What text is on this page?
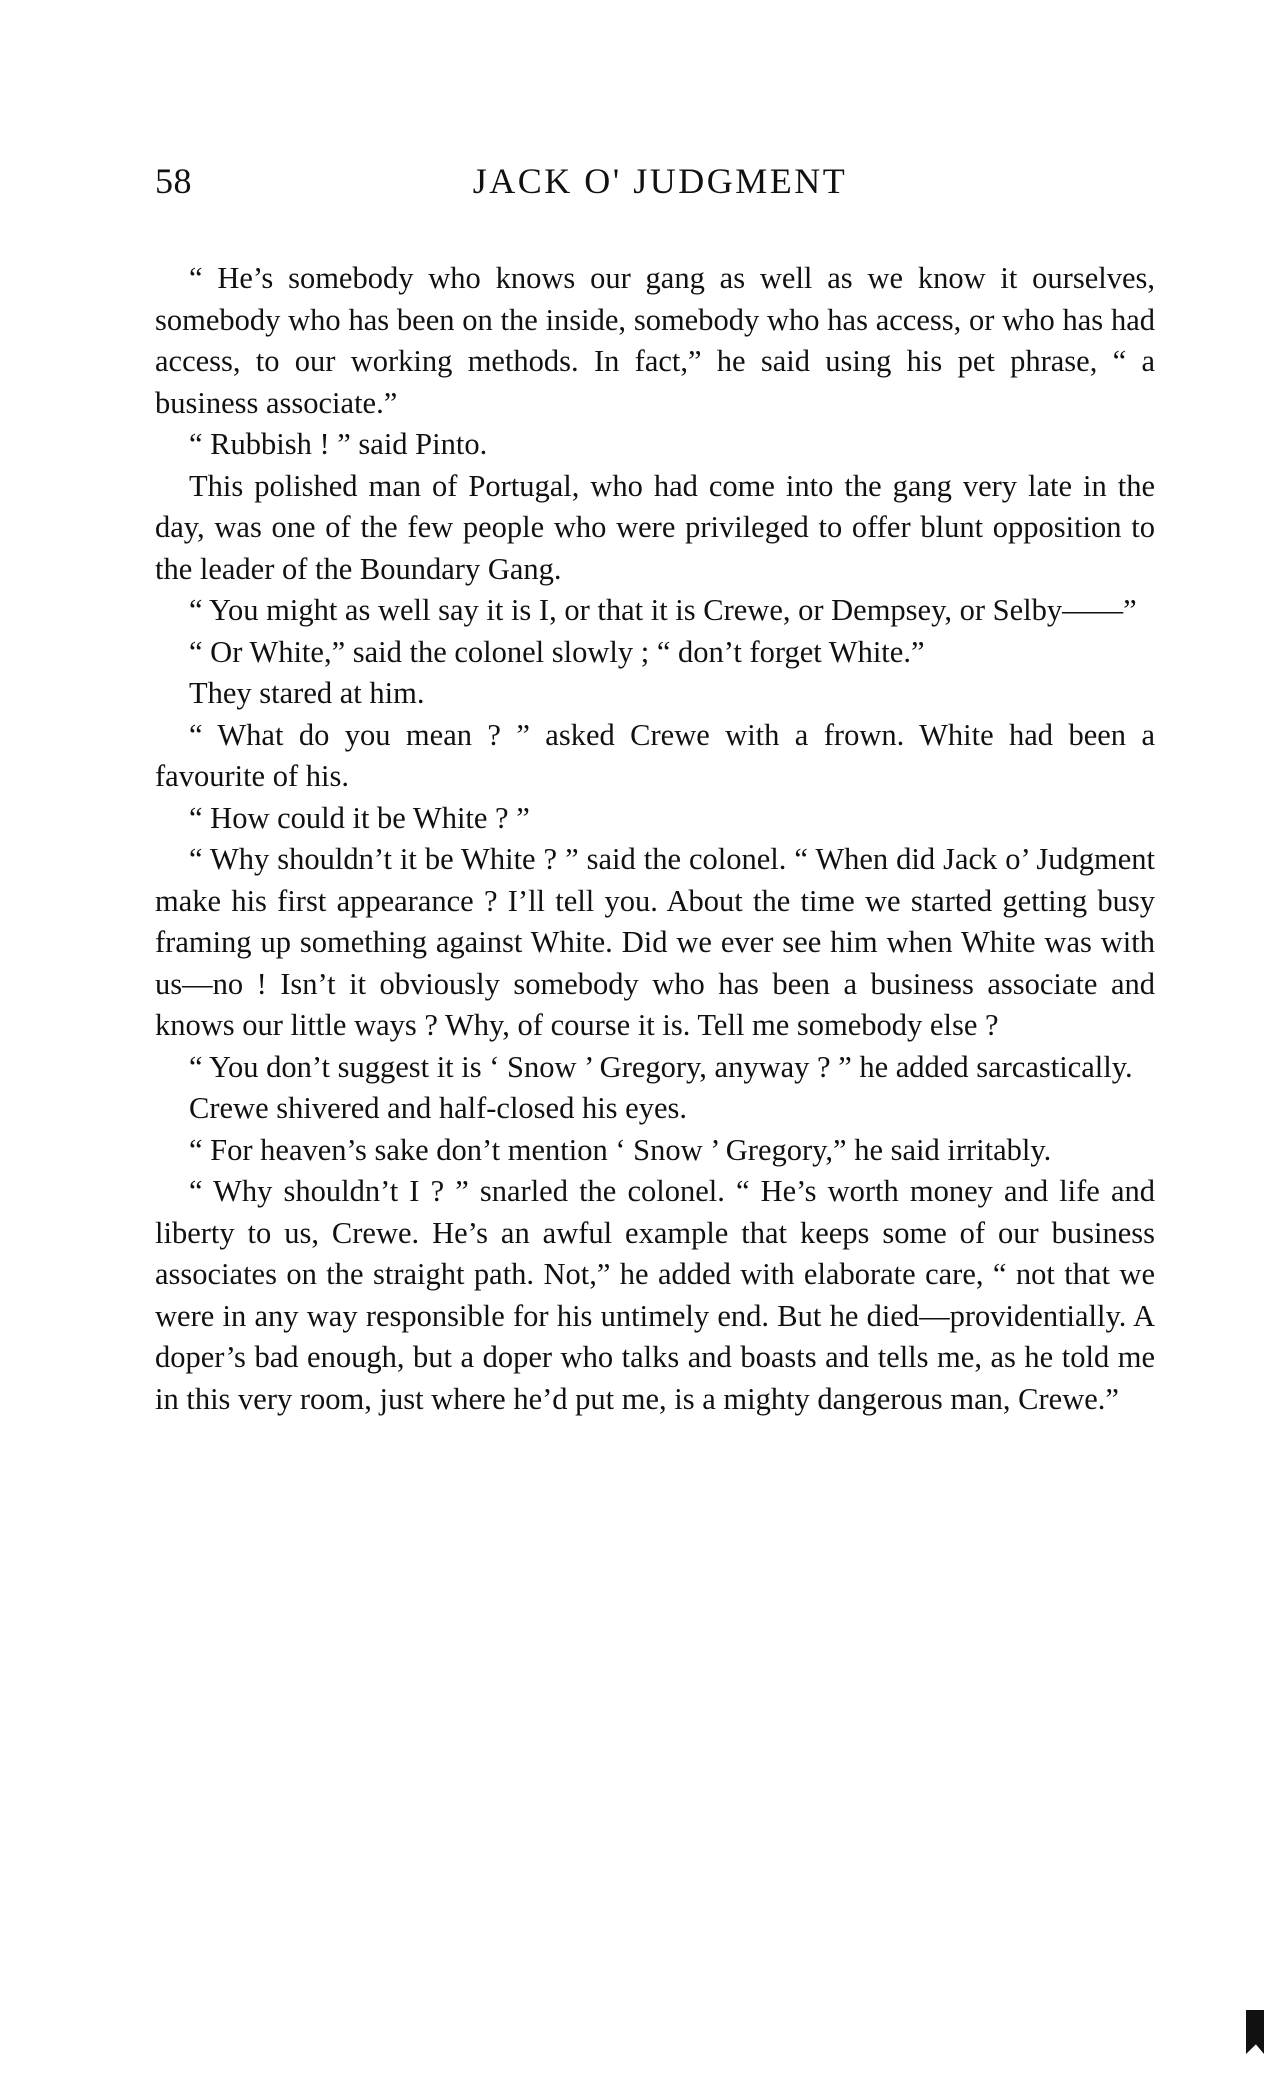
58	JACK O' JUDGMENT

“ He’s somebody who knows our gang as well as we know it ourselves, somebody who has been on the inside, somebody who has access, or who has had access, to our working methods. In fact,” he said using his pet phrase, “ a business associate.”

“ Rubbish ! ” said Pinto.

This polished man of Portugal, who had come into the gang very late in the day, was one of the few people who were privileged to offer blunt opposition to the leader of the Boundary Gang.

“ You might as well say it is I, or that it is Crewe, or Dempsey, or Selby——”

“ Or White,” said the colonel slowly ; “ don’t forget White.”

They stared at him.

“ What do you mean ? ” asked Crewe with a frown. White had been a favourite of his.

“ How could it be White ? ”

“ Why shouldn’t it be White ? ” said the colonel. “ When did Jack o’ Judgment make his first appearance ? I’ll tell you. About the time we started getting busy framing up something against White. Did we ever see him when White was with us—no ! Isn’t it obviously somebody who has been a business associate and knows our little ways ? Why, of course it is. Tell me somebody else ?

“ You don’t suggest it is ‘ Snow ’ Gregory, anyway ? ” he added sarcastically.

Crewe shivered and half-closed his eyes.

“ For heaven’s sake don’t mention ‘ Snow ’ Gregory,” he said irritably.

“ Why shouldn’t I ? ” snarled the colonel. “ He’s worth money and life and liberty to us, Crewe. He’s an awful example that keeps some of our business associates on the straight path. Not,” he added with elaborate care, “ not that we were in any way responsible for his untimely end. But he died—providentially. A doper’s bad enough, but a doper who talks and boasts and tells me, as he told me in this very room, just where he’d put me, is a mighty dangerous man, Crewe.”
